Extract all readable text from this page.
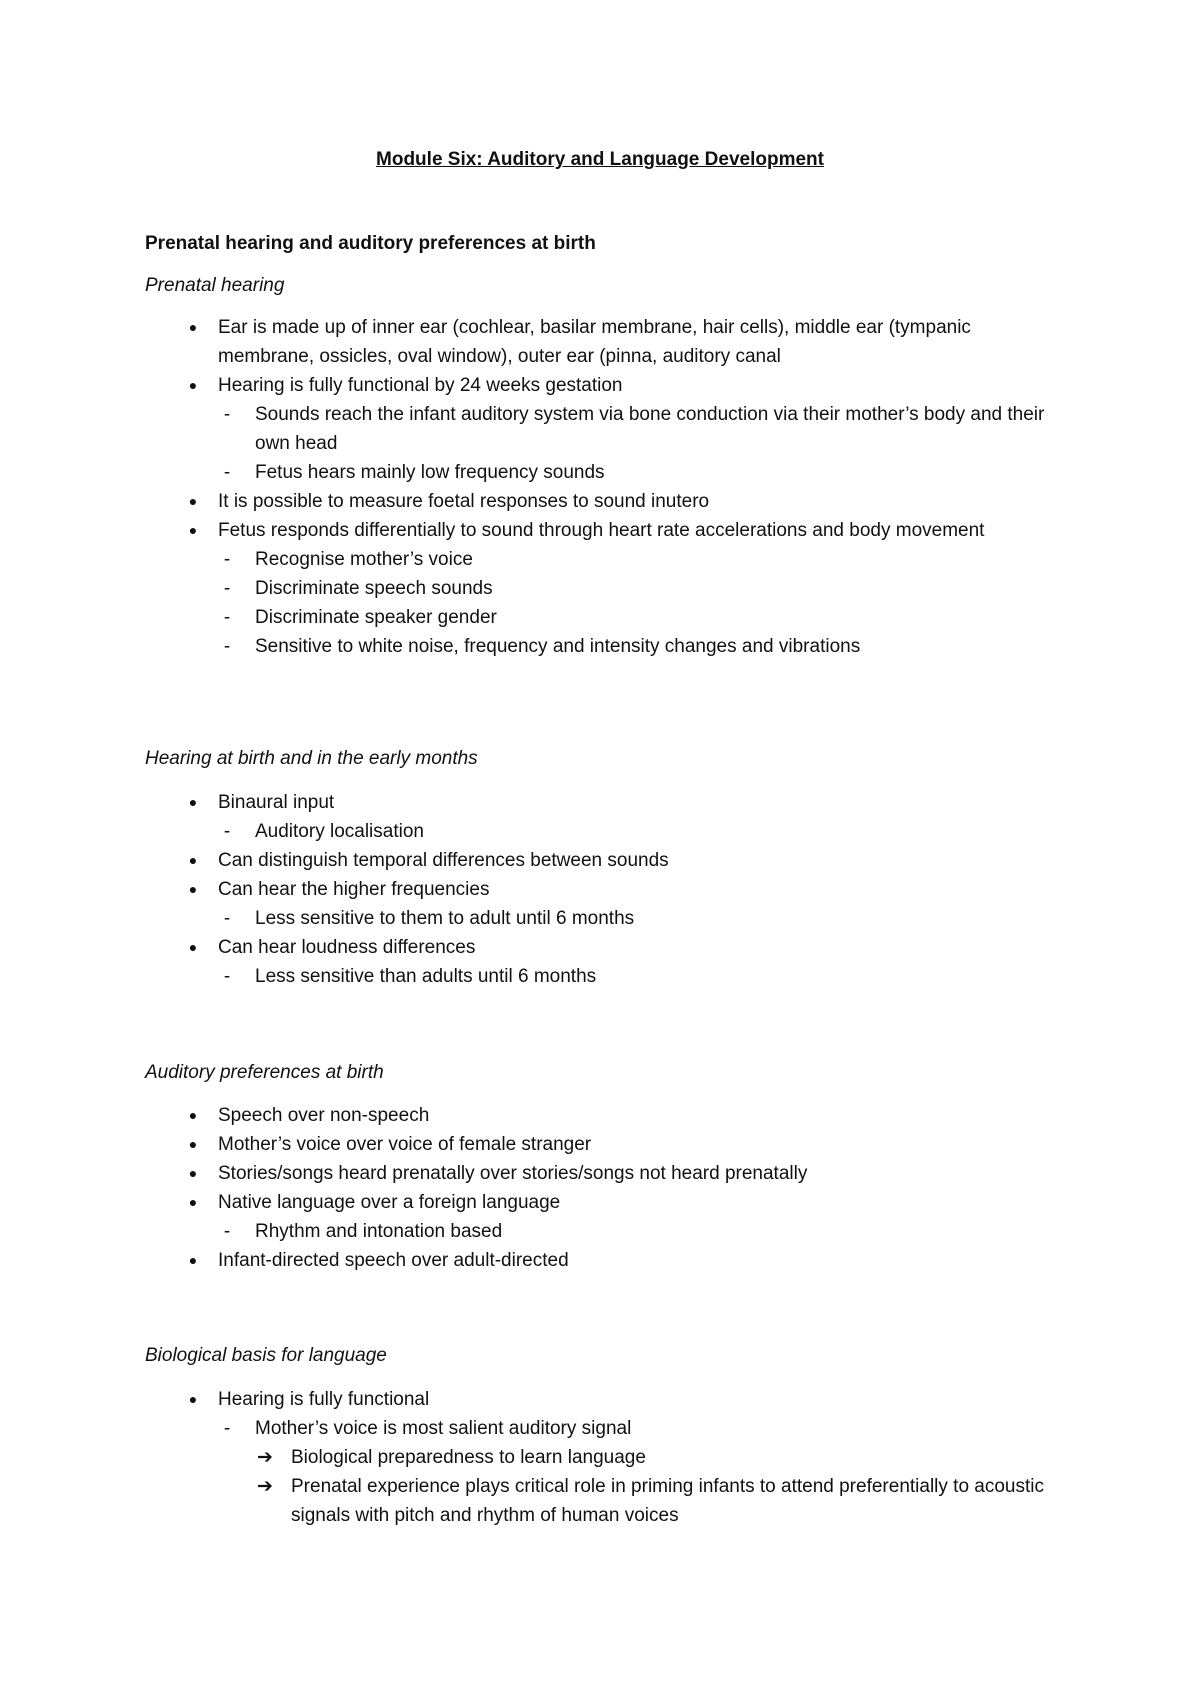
Module Six: Auditory and Language Development
Prenatal hearing and auditory preferences at birth
Prenatal hearing
●	Ear is made up of inner ear (cochlear, basilar membrane, hair cells), middle ear (tympanic membrane, ossicles, oval window), outer ear (pinna, auditory canal
●	Hearing is fully functional by 24 weeks gestation
-	Sounds reach the infant auditory system via bone conduction via their mother’s body and their own head
-	Fetus hears mainly low frequency sounds
●	It is possible to measure foetal responses to sound inutero
●	Fetus responds differentially to sound through heart rate accelerations and body movement
-	Recognise mother’s voice
-	Discriminate speech sounds
-	Discriminate speaker gender
-	Sensitive to white noise, frequency and intensity changes and vibrations
Hearing at birth and in the early months
●	Binaural input
-	Auditory localisation
●	Can distinguish temporal differences between sounds
●	Can hear the higher frequencies
-	Less sensitive to them to adult until 6 months
●	Can hear loudness differences
-	Less sensitive than adults until 6 months
Auditory preferences at birth
●	Speech over non-speech
●	Mother’s voice over voice of female stranger
●	Stories/songs heard prenatally over stories/songs not heard prenatally
●	Native language over a foreign language
-	Rhythm and intonation based
●	Infant-directed speech over adult-directed
Biological basis for language
●	Hearing is fully functional
-	Mother’s voice is most salient auditory signal
➔ Biological preparedness to learn language
➔ Prenatal experience plays critical role in priming infants to attend preferentially to acoustic signals with pitch and rhythm of human voices
